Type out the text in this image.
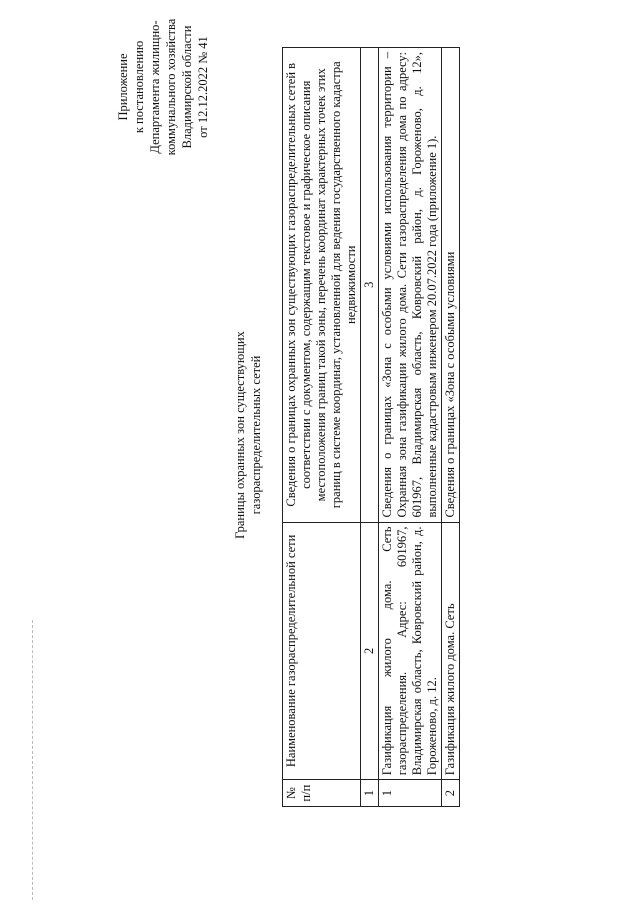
Приложение к постановлению Департамента жилищно- коммунального хозяйства Владимирской области от 12.12.2022 № 41
Границы охранных зон существующих газораспределительных сетей
№ п/п	Наименование газораспределительной сети	Сведения о границах охранных зон существующих газораспределительных сетей в соответствии с документом, содержащим текстовое и графическое описания местоположения границ такой зоны, перечень координат характерных точек этих границ в системе координат, установленной для ведения государственного кадастра недвижимости
1	2	3
1	Газификация жилого дома. Сеть газораспределения. Адрес: 601967, Владимирская область, Ковровский район, д. Гороженово, д. 12.	Сведения о границах «Зона с особыми условиями использования территории – Охранная зона газификации жилого дома. Сети газораспределения дома по адресу: 601967, Владимирская область, Ковровский район, д. Гороженово, д. 12», выполненные кадастровым инженером 20.07.2022 года (приложение 1).
2	Газификация жилого дома. Сеть	Сведения о границах «Зона с особыми условиями
